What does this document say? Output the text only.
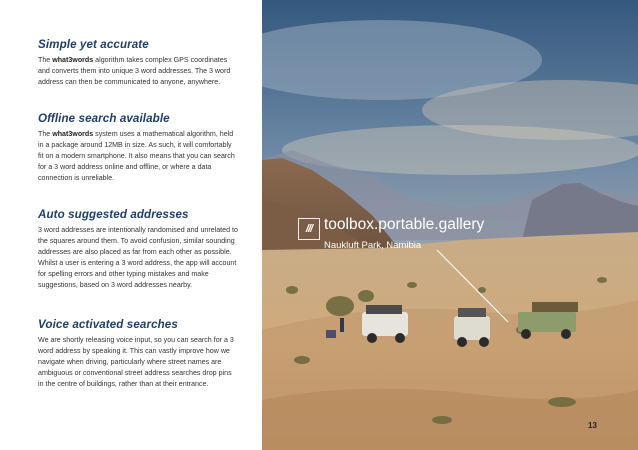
Simple yet accurate

The what3words algorithm takes complex GPS coordinates and converts them into unique 3 word addresses. The 3 word address can then be communicated to anyone, anywhere.

Offline search available

The what3words system uses a mathematical algorithm, held in a package around 12MB in size. As such, it will comfortably fit on a modern smartphone. It also means that you can search for a 3 word address online and offline, or where a data connection is unreliable.

Auto suggested addresses

3 word addresses are intentionally randomised and unrelated to the squares around them. To avoid confusion, similar sounding addresses are also placed as far from each other as possible. Whilst a user is entering a 3 word address, the app will account for spelling errors and other typing mistakes and make suggestions, based on 3 word addresses nearby.

Voice activated searches

We are shortly releasing voice input, so you can search for a 3 word address by speaking it. This can vastly improve how we navigate when driving, particularly where street names are ambiguous or conventional street address searches drop pins in the centre of buildings, rather than at their entrance.

/// toolbox.portable.gallery
Naukluft Park, Namibia
13
